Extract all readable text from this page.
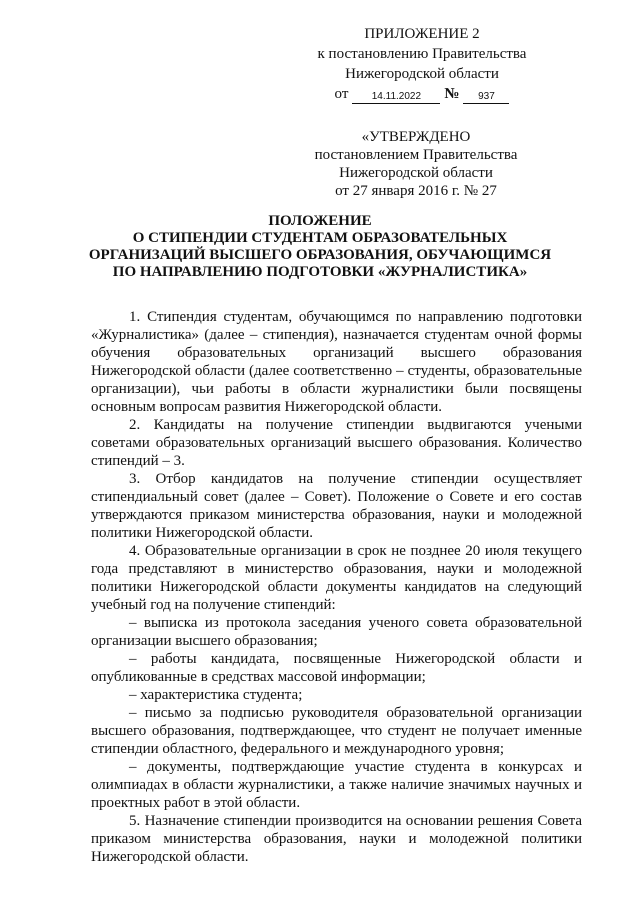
ПРИЛОЖЕНИЕ 2
к постановлению Правительства
Нижегородской области
от	14.11.2022	№	937
«УТВЕРЖДЕНО
постановлением Правительства
Нижегородской области
от 27 января 2016 г. № 27
ПОЛОЖЕНИЕ
О СТИПЕНДИИ СТУДЕНТАМ ОБРАЗОВАТЕЛЬНЫХ
ОРГАНИЗАЦИЙ ВЫСШЕГО ОБРАЗОВАНИЯ, ОБУЧАЮЩИМСЯ
ПО НАПРАВЛЕНИЮ ПОДГОТОВКИ «ЖУРНАЛИСТИКА»

1. Стипендия студентам, обучающимся по направлению подготовки «Журналистика» (далее – стипендия), назначается студентам очной формы обучения образовательных организаций высшего образования Нижегородской области (далее соответственно – студенты, образовательные организации), чьи работы в области журналистики были посвящены основным вопросам развития Нижегородской области.

2. Кандидаты на получение стипендии выдвигаются учеными советами образовательных организаций высшего образования. Количество стипендий – 3.

3. Отбор кандидатов на получение стипендии осуществляет стипендиальный совет (далее – Совет). Положение о Совете и его состав утверждаются приказом министерства образования, науки и молодежной политики Нижегородской области.

4. Образовательные организации в срок не позднее 20 июля текущего года представляют в министерство образования, науки и молодежной политики Нижегородской области документы кандидатов на следующий учебный год на получение стипендий:

– выписка из протокола заседания ученого совета образовательной организации высшего образования;

– работы кандидата, посвященные Нижегородской области и опубликованные в средствах массовой информации;

– характеристика студента;

– письмо за подписью руководителя образовательной организации высшего образования, подтверждающее, что студент не получает именные стипендии областного, федерального и международного уровня;

– документы, подтверждающие участие студента в конкурсах и олимпиадах в области журналистики, а также наличие значимых научных и проектных работ в этой области.

5. Назначение стипендии производится на основании решения Совета приказом министерства образования, науки и молодежной политики Нижегородской области.
